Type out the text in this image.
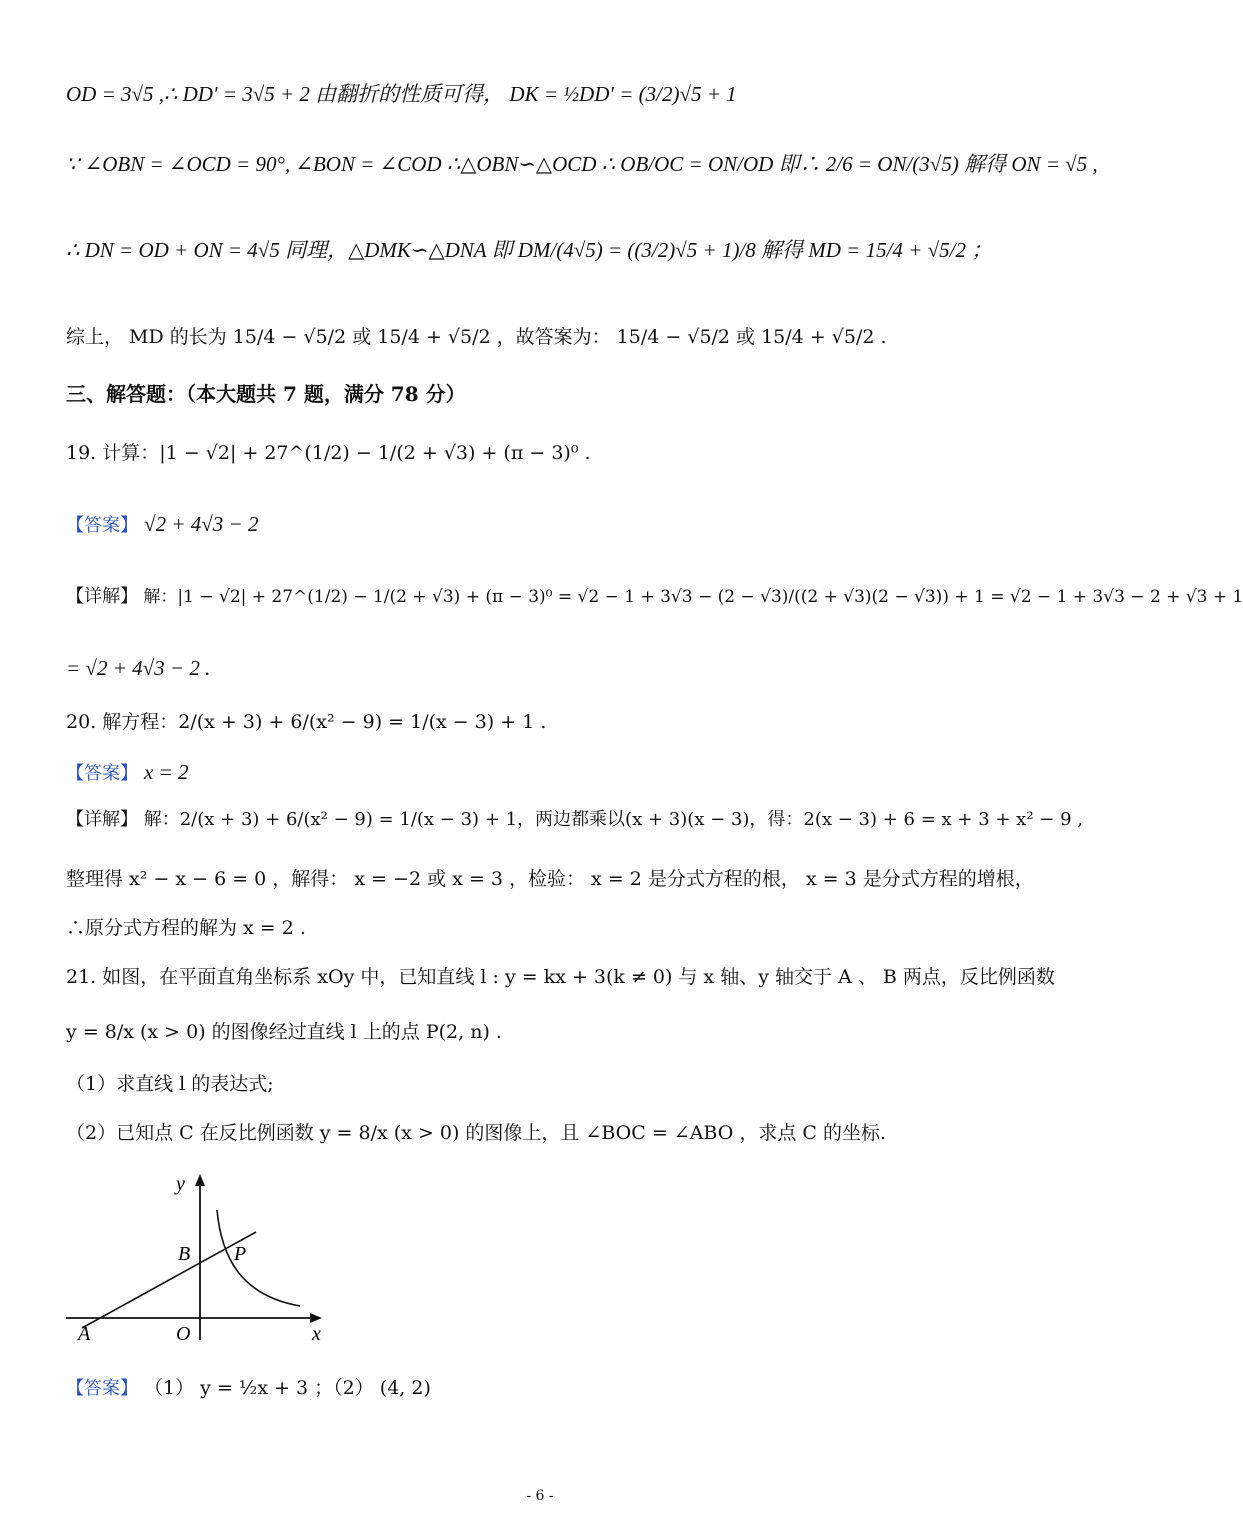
OD = 3√5 ,∴ DD′ = 3√5 + 2 由翻折的性质可得， DK = ½DD′ = (3/2)√5 + 1
∵ ∠OBN = ∠OCD = 90°, ∠BON = ∠COD ∴△OBN∽△OCD ∴ OB/OC = ON/OD 即∴ 2/6 = ON/(3√5) 解得 ON = √5 ,
∴ DN = OD + ON = 4√5 同理，△DMK∽△DNA 即 DM/(4√5) = ((3/2)√5 + 1)/8 解得 MD = 15/4 + √5/2 ；
综上， MD 的长为 15/4 − √5/2 或 15/4 + √5/2 ，故答案为： 15/4 − √5/2 或 15/4 + √5/2 .
三、解答题：（本大题共 7 题，满分 78 分）
19. 计算：|1 − √2| + 27^(1/2) − 1/(2 + √3) + (π − 3)⁰ .
【答案】 √2 + 4√3 − 2
【详解】 解：|1 − √2| + 27^(1/2) − 1/(2 + √3) + (π − 3)⁰ = √2 − 1 + 3√3 − (2 − √3)/((2 + √3)(2 − √3)) + 1 = √2 − 1 + 3√3 − 2 + √3 + 1
= √2 + 4√3 − 2 .
20. 解方程：2/(x + 3) + 6/(x² − 9) = 1/(x − 3) + 1 .
【答案】 x = 2
【详解】 解：2/(x + 3) + 6/(x² − 9) = 1/(x − 3) + 1，两边都乘以(x + 3)(x − 3)，得：2(x − 3) + 6 = x + 3 + x² − 9 ,
整理得 x² − x − 6 = 0 ，解得： x = −2 或 x = 3 ，检验： x = 2 是分式方程的根， x = 3 是分式方程的增根，
∴原分式方程的解为 x = 2 .
21. 如图，在平面直角坐标系 xOy 中，已知直线 l : y = kx + 3(k ≠ 0) 与 x 轴、y 轴交于 A 、 B 两点，反比例函数
y = 8/x (x > 0) 的图像经过直线 l 上的点 P(2, n) .
（1）求直线 l 的表达式;
（2）已知点 C 在反比例函数 y = 8/x (x > 0) 的图像上，且 ∠BOC = ∠ABO ，求点 C 的坐标.
y
x
B P
A	O
【答案】 （1） y = ½x + 3 ；（2） (4, 2)
- 6 -
